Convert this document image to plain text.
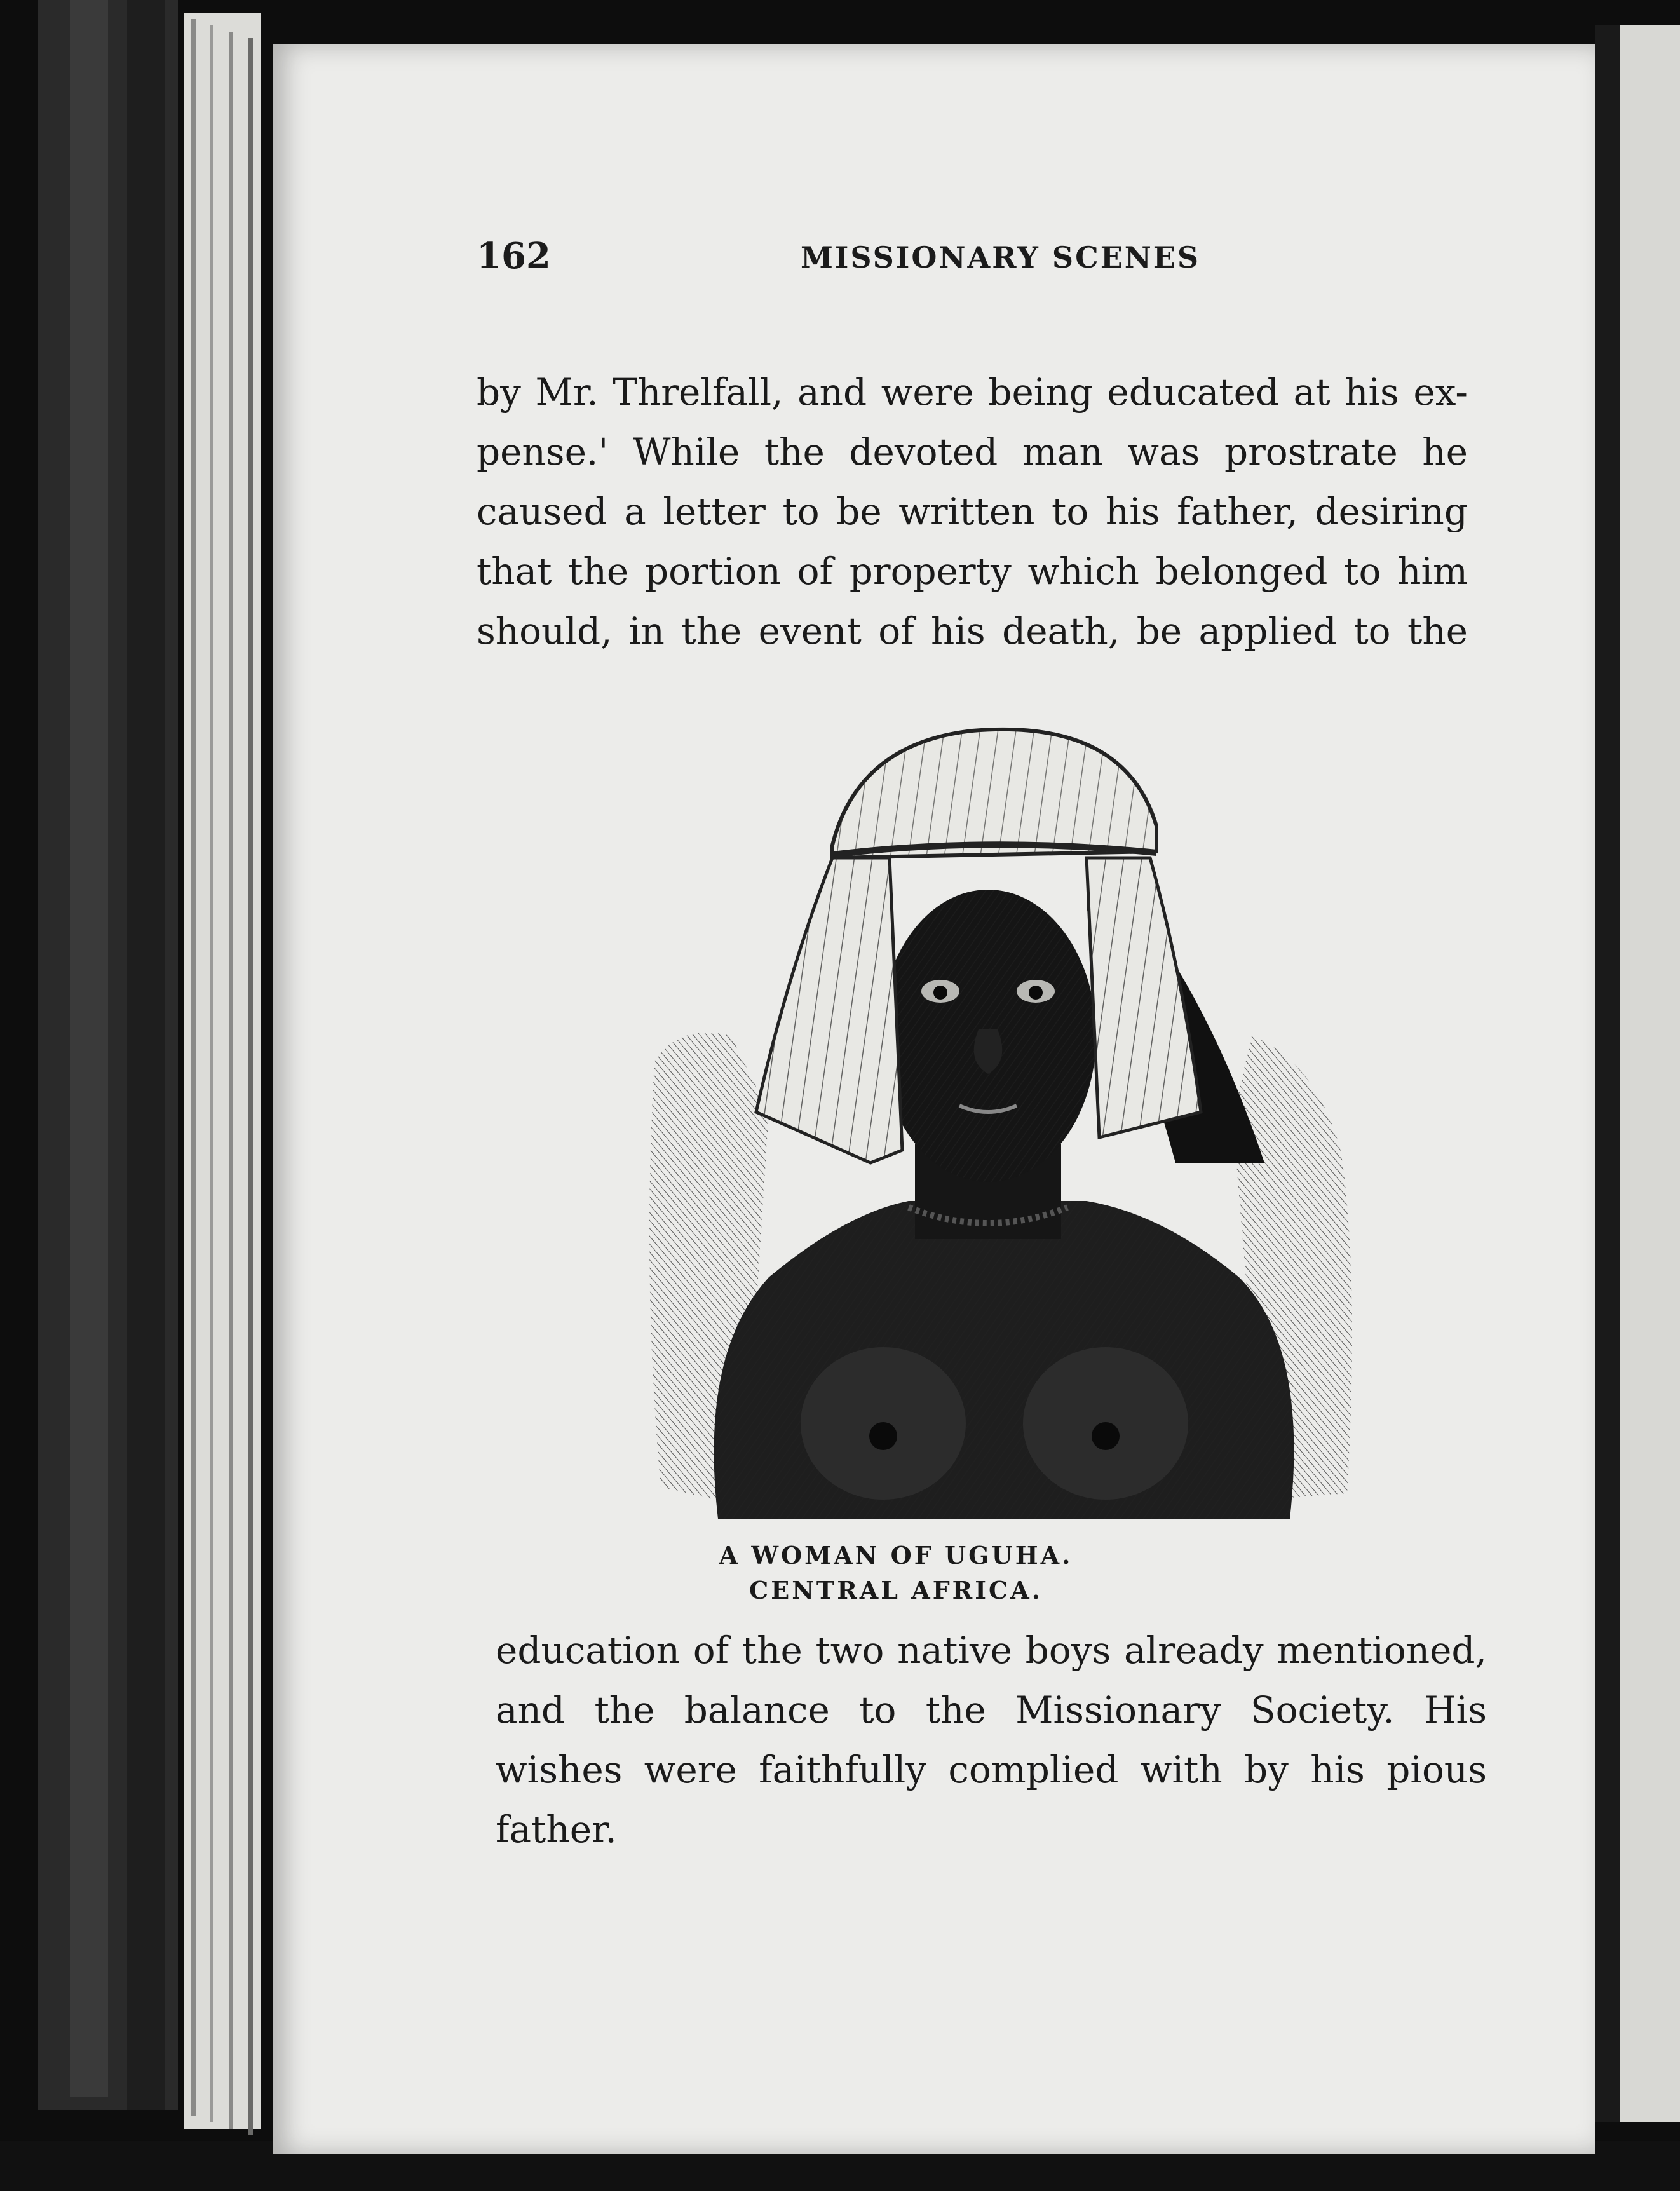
162	MISSIONARY SCENES
by Mr. Threlfall, and were being educated at his ex-
pense.' While the devoted man was prostrate he
caused a letter to be written to his father, desiring
that the portion of property which belonged to him
should, in the event of his death, be applied to the
A WOMAN OF UGUHA.
CENTRAL AFRICA.
education of the two native boys already mentioned,
and the balance to the Missionary Society. His
wishes were faithfully complied with by his pious
father.
